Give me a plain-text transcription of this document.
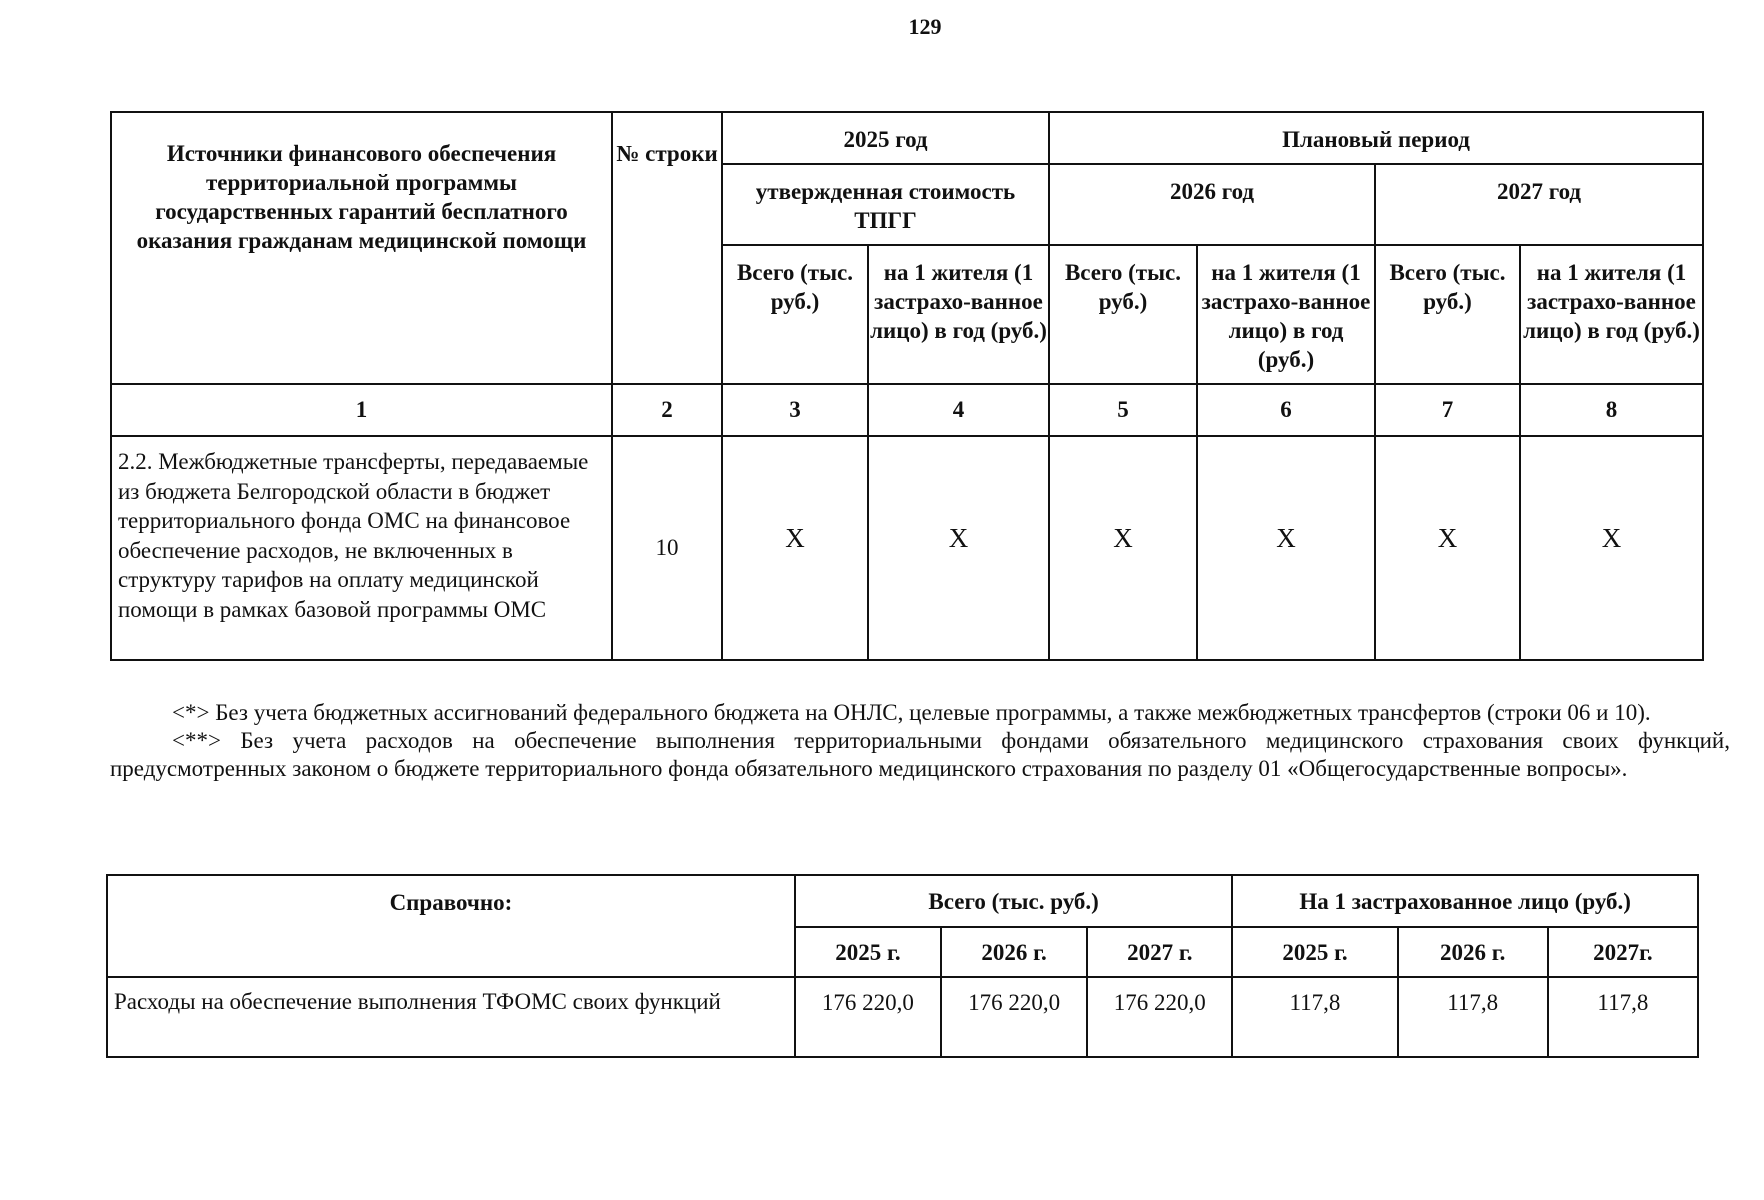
129
Источники финансового обеспечения территориальной программы государственных гарантий бесплатного оказания гражданам медицинской помощи	№ строки	2025 год		Плановый период			
		утвержденная стоимость ТПГГ		2026 год		2027 год	
		Всего (тыс. руб.)	на 1 жителя (1 застрахо-ванное лицо) в год (руб.)	Всего (тыс. руб.)	на 1 жителя (1 застрахо-ванное лицо) в год (руб.)	Всего (тыс. руб.)	на 1 жителя (1 застрахо-ванное лицо) в год (руб.)
1	2	3	4	5	6	7	8
2.2. Межбюджетные трансферты, передаваемые из бюджета Белгородской области в бюджет территориального фонда ОМС на финансовое обеспечение расходов, не включенных в структуру тарифов на оплату медицинской помощи в рамках базовой программы ОМС	10	X	X	X	X	X	X

<*> Без учета бюджетных ассигнований федерального бюджета на ОНЛС, целевые программы, а также межбюджетных трансфертов (строки 06 и 10).

<**> Без учета расходов на обеспечение выполнения территориальными фондами обязательного медицинского страхования своих функций, предусмотренных законом о бюджете территориального фонда обязательного медицинского страхования по разделу 01 «Общегосударственные вопросы».

Справочно:	Всего (тыс. руб.)			На 1 застрахованное лицо (руб.)		
	2025 г.	2026 г.	2027 г.	2025 г.	2026 г.	2027г.
Расходы на обеспечение выполнения ТФОМС своих функций	176 220,0	176 220,0	176 220,0	117,8	117,8	117,8
